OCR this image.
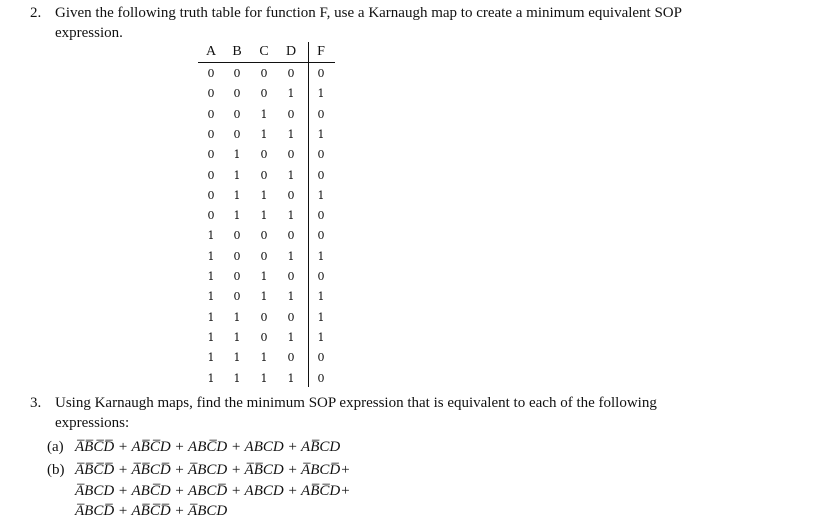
2. Given the following truth table for function F, use a Karnaugh map to create a minimum equivalent SOP
expression.
A	B	C	D	F
0	0	0	0	0
0	0	0	1	1
0	0	1	0	0
0	0	1	1	1
0	1	0	0	0
0	1	0	1	0
0	1	1	0	1
0	1	1	1	0
1	0	0	0	0
1	0	0	1	1
1	0	1	0	0
1	0	1	1	1
1	1	0	0	1
1	1	0	1	1
1	1	1	0	0
1	1	1	1	0
3. Using Karnaugh maps, find the minimum SOP expression that is equivalent to each of the following
expressions:
(a) A̅B̅C̅D̅ + AB̅C̅D + ABC̅D + ABCD + AB̅CD
(b) A̅B̅C̅D̅ + A̅B̅CD̅ + A̅BCD + A̅B̅CD + A̅BCD̅+
A̅BCD + ABC̅D + ABCD̅ + ABCD + AB̅C̅D+
A̅BCD̅ + AB̅C̅D̅ + A̅BCD
